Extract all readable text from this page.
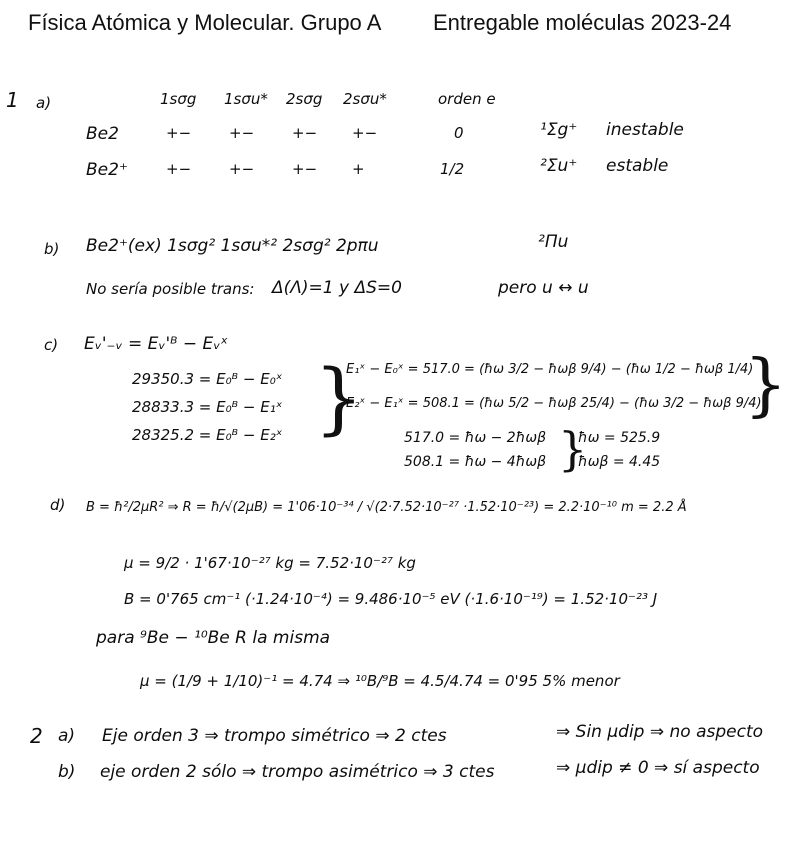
Física Atómica y Molecular. Grupo A Entregable moléculas 2023-24
1 a)	1sσg 1sσu* 2sσg 2sσu*	orden e
Be2	+−	+−	+− +−	0	¹Σg⁺ inestable
Be2⁺	+−	+−	+− +	1/2	²Σu⁺ estable
b) Be2⁺(ex) 1sσg² 1sσu*² 2sσg² 2pπu	²Πu
No sería posible trans: Δ(Λ)=1 y ΔS=0	pero u ↔ u
c) Eᵥ'₋ᵥ = Eᵥ'ᴮ − Eᵥˣ
29350.3 = E₀ᴮ − E₀ˣ
28833.3 = E₀ᴮ − E₁ˣ
28325.2 = E₀ᴮ − E₂ˣ }
E₁ˣ − E₀ˣ = 517.0 = (ħω 3/2 − ħωβ 9/4) − (ħω 1/2 − ħωβ 1/4)
E₂ˣ − E₁ˣ = 508.1 = (ħω 5/2 − ħωβ 25/4) − (ħω 3/2 − ħωβ 9/4)
}
517.0 = ħω − 2ħωβ
508.1 = ħω − 4ħωβ }
ħω = 525.9
ħωβ = 4.45
d) B = ħ²/2μR² ⇒ R = ħ/√(2μB) = 1'06·10⁻³⁴ / √(2·7.52·10⁻²⁷ ·1.52·10⁻²³) = 2.2·10⁻¹⁰ m = 2.2 Å
μ = 9/2 · 1'67·10⁻²⁷ kg = 7.52·10⁻²⁷ kg
B = 0'765 cm⁻¹ (·1.24·10⁻⁴) = 9.486·10⁻⁵ eV (·1.6·10⁻¹⁹) = 1.52·10⁻²³ J
para ⁹Be − ¹⁰Be R la misma
μ = (1/9 + 1/10)⁻¹ = 4.74 ⇒ ¹⁰B/⁹B = 4.5/4.74 = 0'95 5% menor
2 a) Eje orden 3 ⇒ trompo simétrico ⇒ 2 ctes	⇒ Sin μdip ⇒ no aspecto
b) eje orden 2 sólo ⇒ trompo asimétrico ⇒ 3 ctes	⇒ μdip ≠ 0 ⇒ sí aspecto
